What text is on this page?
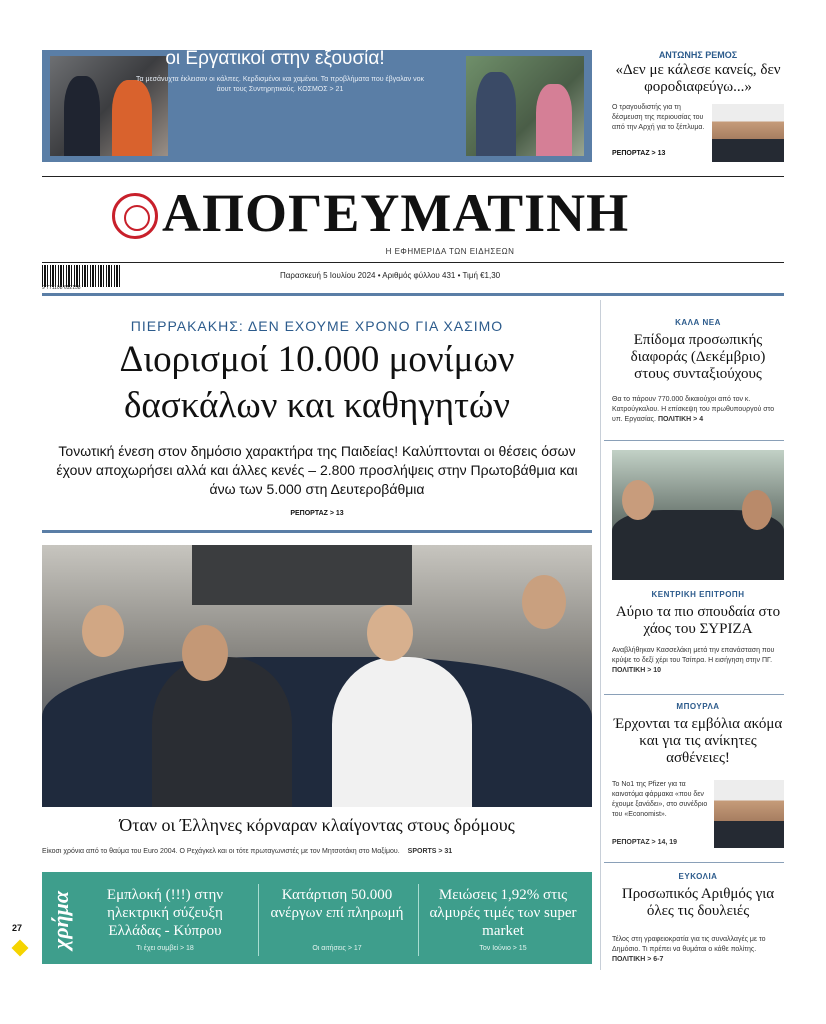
ΕΚΛΟΓΕΣ ΣΤΗ ΜΕΓΑΛΗ ΒΡΕΤΑΝΙΑ
Πικρή ήττα για τον Σούνακ,
οι Εργατικοί στην εξουσία!
Τα μεσάνυχτα έκλεισαν οι κάλπες. Κερδισμένοι και χαμένοι. Τα προβλήματα που έβγαλαν νοκ άουτ τους Συντηρητικούς. ΚΟΣΜΟΣ > 21
ΑΝΤΩΝΗΣ ΡΕΜΟΣ
«Δεν με κάλεσε κανείς, δεν φοροδιαφεύγω...»
Ο τραγουδιστής για τη δέσμευση της περιουσίας του από την Αρχή για το ξέπλυμα.
ΡΕΠΟΡΤΑΖ > 13
ΑΠΟΓΕΥΜΑΤΙΝΗ
Η ΕΦΗΜΕΡΙΔΑ ΤΩΝ ΕΙΔΗΣΕΩΝ
9 771108 652158
Παρασκευή 5 Ιουλίου 2024 • Αριθμός φύλλου 431 • Τιμή €1,30
ΠΙΕΡΡΑΚΑΚΗΣ: ΔΕΝ ΕΧΟΥΜΕ ΧΡΟΝΟ ΓΙΑ ΧΑΣΙΜΟ
Διορισμοί 10.000 μονίμων
δασκάλων και καθηγητών
Τονωτική ένεση στον δημόσιο χαρακτήρα της Παιδείας! Καλύπτονται οι θέσεις όσων έχουν αποχωρήσει αλλά και άλλες κενές – 2.800 προσλήψεις στην Πρωτοβάθμια και άνω των 5.000 στη Δευτεροβάθμια
ΡΕΠΟΡΤΑΖ > 13
Όταν οι Έλληνες κόρναραν κλαίγοντας στους δρόμους
Είκοσι χρόνια από το θαύμα του Euro 2004. Ο Ρεχάγκελ και οι τότε πρωταγωνιστές με τον Μητσοτάκη στο Μαξίμου. SPORTS > 31
χρήμα	Εμπλοκή (!!!) στην ηλεκτρική σύζευξη Ελλάδας - Κύπρου
Τι έχει συμβεί > 18
Κατάρτιση 50.000 ανέργων επί πληρωμή
Οι αιτήσεις > 17
Μειώσεις 1,92% στις αλμυρές τιμές των super market
Τον Ιούνιο > 15
27
ΚΑΛΑ ΝΕΑ
Επίδομα προσωπικής διαφοράς (Δεκέμβριο) στους συνταξιούχους
Θα το πάρουν 770.000 δικαιούχοι από τον κ. Κατρούγκαλου. Η επίσκεψη του πρωθυπουργού στο υπ. Εργασίας. ΠΟΛΙΤΙΚΗ > 4
ΚΕΝΤΡΙΚΗ ΕΠΙΤΡΟΠΗ
Αύριο τα πιο σπουδαία στο χάος του ΣΥΡΙΖΑ
Αναβλήθηκαν Κασσελάκη μετά την επανάσταση που κρύψε το δεξί χέρι του Τσίπρα. Η εισήγηση στην ΠΓ. ΠΟΛΙΤΙΚΗ > 10
ΜΠΟΥΡΛΑ
Έρχονται τα εμβόλια ακόμα και για τις ανίκητες ασθένειες!
Το Νο1 της Pfizer για τα καινοτόμα φάρμακα «που δεν έχουμε ξανάδει», στο συνέδριο του «Economist».
ΡΕΠΟΡΤΑΖ > 14, 19
ΕΥΚΟΛΙΑ
Προσωπικός Αριθμός για όλες τις δουλειές
Τέλος στη γραφειοκρατία για τις συναλλαγές με το Δημόσιο. Τι πρέπει να θυμάται ο κάθε πολίτης. ΠΟΛΙΤΙΚΗ > 6-7
